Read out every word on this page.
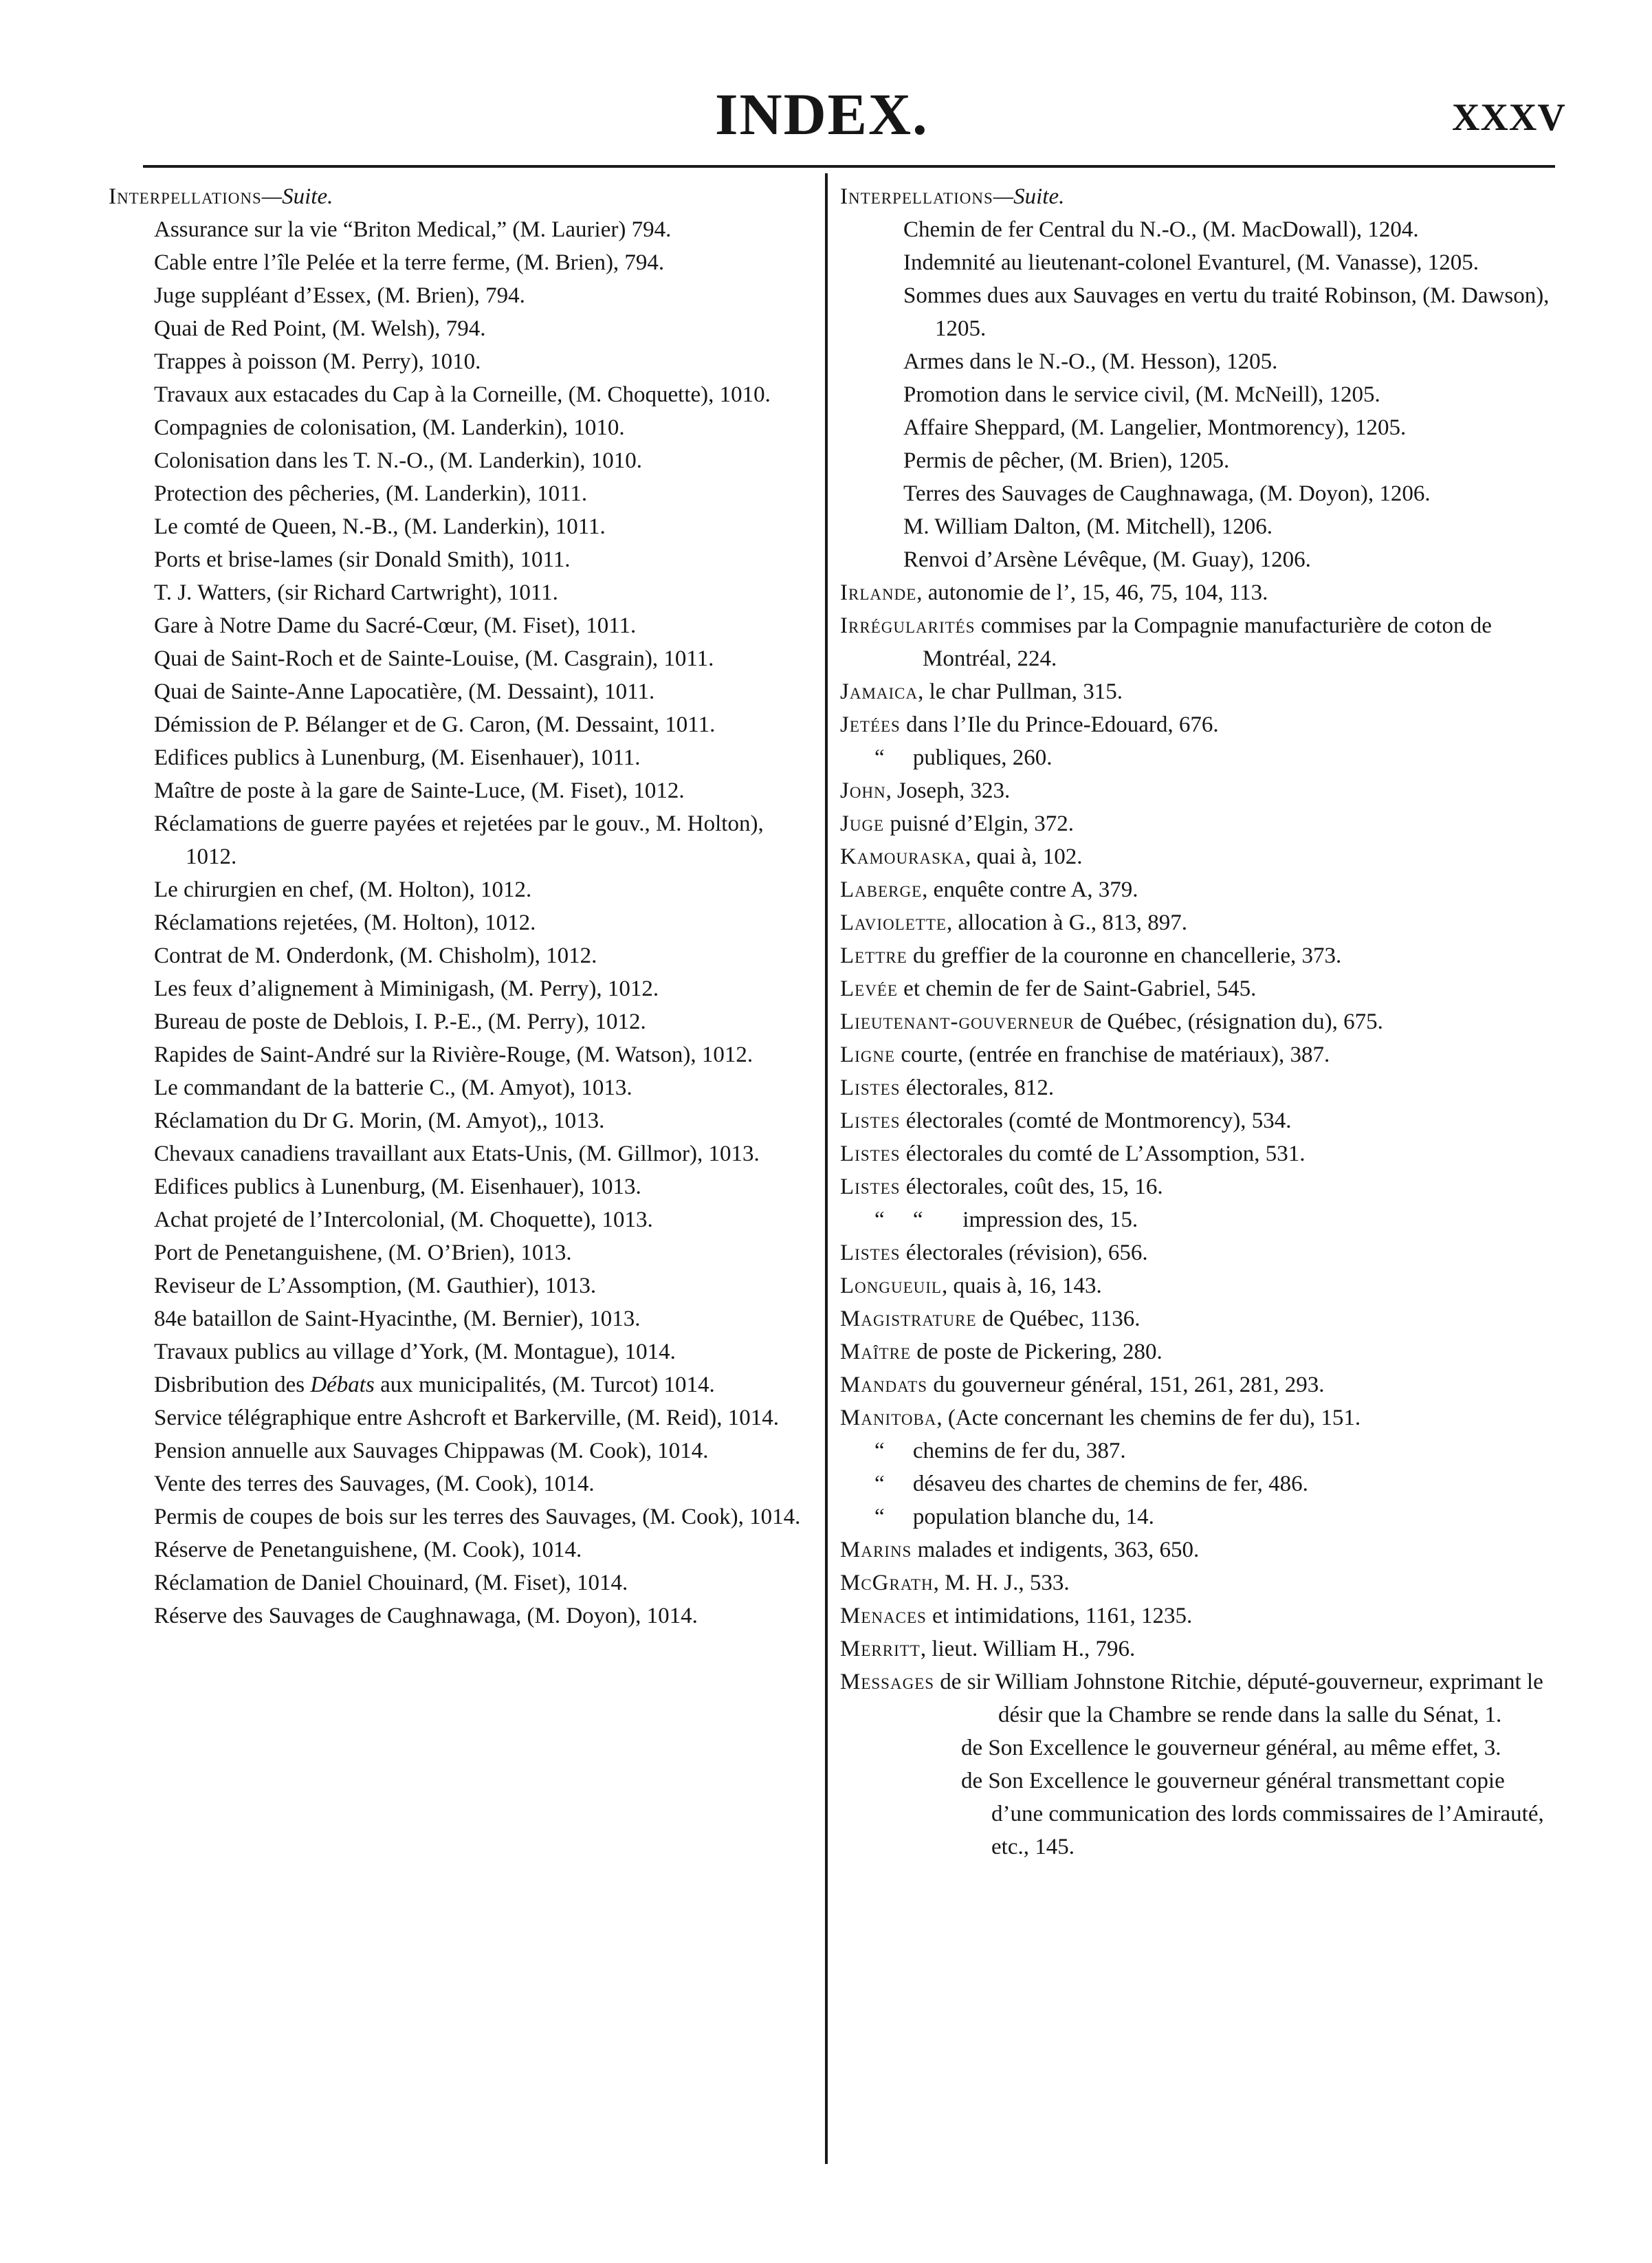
INDEX.	XXXV

Interpellations—Suite.

Assurance sur la vie “Briton Medical,” (M. Laurier) 794.

Cable entre l’île Pelée et la terre ferme, (M. Brien), 794.

Juge suppléant d’Essex, (M. Brien), 794.

Quai de Red Point, (M. Welsh), 794.

Trappes à poisson (M. Perry), 1010.

Travaux aux estacades du Cap à la Corneille, (M. Choquette), 1010.

Compagnies de colonisation, (M. Landerkin), 1010.

Colonisation dans les T. N.-O., (M. Landerkin), 1010.

Protection des pêcheries, (M. Landerkin), 1011.

Le comté de Queen, N.-B., (M. Landerkin), 1011.

Ports et brise-lames (sir Donald Smith), 1011.

T. J. Watters, (sir Richard Cartwright), 1011.

Gare à Notre Dame du Sacré-Cœur, (M. Fiset), 1011.

Quai de Saint-Roch et de Sainte-Louise, (M. Casgrain), 1011.

Quai de Sainte-Anne Lapocatière, (M. Dessaint), 1011.

Démission de P. Bélanger et de G. Caron, (M. Dessaint, 1011.

Edifices publics à Lunenburg, (M. Eisenhauer), 1011.

Maître de poste à la gare de Sainte-Luce, (M. Fiset), 1012.

Réclamations de guerre payées et rejetées par le gouv., M. Holton), 1012.

Le chirurgien en chef, (M. Holton), 1012.

Réclamations rejetées, (M. Holton), 1012.

Contrat de M. Onderdonk, (M. Chisholm), 1012.

Les feux d’alignement à Miminigash, (M. Perry), 1012.

Bureau de poste de Deblois, I. P.-E., (M. Perry), 1012.

Rapides de Saint-André sur la Rivière-Rouge, (M. Watson), 1012.

Le commandant de la batterie C., (M. Amyot), 1013.

Réclamation du Dr G. Morin, (M. Amyot),, 1013.

Chevaux canadiens travaillant aux Etats-Unis, (M. Gillmor), 1013.

Edifices publics à Lunenburg, (M. Eisenhauer), 1013.

Achat projeté de l’Intercolonial, (M. Choquette), 1013.

Port de Penetanguishene, (M. O’Brien), 1013.

Reviseur de L’Assomption, (M. Gauthier), 1013.

84e bataillon de Saint-Hyacinthe, (M. Bernier), 1013.

Travaux publics au village d’York, (M. Montague), 1014.

Disbribution des Débats aux municipalités, (M. Turcot) 1014.

Service télégraphique entre Ashcroft et Barkerville, (M. Reid), 1014.

Pension annuelle aux Sauvages Chippawas (M. Cook), 1014.

Vente des terres des Sauvages, (M. Cook), 1014.

Permis de coupes de bois sur les terres des Sauvages, (M. Cook), 1014.

Réserve de Penetanguishene, (M. Cook), 1014.

Réclamation de Daniel Chouinard, (M. Fiset), 1014.

Réserve des Sauvages de Caughnawaga, (M. Doyon), 1014.

Interpellations—Suite.

Chemin de fer Central du N.-O., (M. MacDowall), 1204.

Indemnité au lieutenant-colonel Evanturel, (M. Vanasse), 1205.

Sommes dues aux Sauvages en vertu du traité Robinson, (M. Dawson), 1205.

Armes dans le N.-O., (M. Hesson), 1205.

Promotion dans le service civil, (M. McNeill), 1205.

Affaire Sheppard, (M. Langelier, Montmorency), 1205.

Permis de pêcher, (M. Brien), 1205.

Terres des Sauvages de Caughnawaga, (M. Doyon), 1206.

M. William Dalton, (M. Mitchell), 1206.

Renvoi d’Arsène Lévêque, (M. Guay), 1206.

Irlande, autonomie de l’, 15, 46, 75, 104, 113.

Irrégularités commises par la Compagnie manufacturière de coton de Montréal, 224.

Jamaica, le char Pullman, 315.

Jetées dans l’Ile du Prince-Edouard, 676.

“     publiques, 260.

John, Joseph, 323.

Juge puisné d’Elgin, 372.

Kamouraska, quai à, 102.

Laberge, enquête contre A, 379.

Laviolette, allocation à G., 813, 897.

Lettre du greffier de la couronne en chancellerie, 373.

Levée et chemin de fer de Saint-Gabriel, 545.

Lieutenant-gouverneur de Québec, (résignation du), 675.

Ligne courte, (entrée en franchise de matériaux), 387.

Listes électorales, 812.

Listes électorales (comté de Montmorency), 534.

Listes électorales du comté de L’Assomption, 531.

Listes électorales, coût des, 15, 16.

“     “       impression des, 15.

Listes électorales (révision), 656.

Longueuil, quais à, 16, 143.

Magistrature de Québec, 1136.

Maître de poste de Pickering, 280.

Mandats du gouverneur général, 151, 261, 281, 293.

Manitoba, (Acte concernant les chemins de fer du), 151.

“     chemins de fer du, 387.

“     désaveu des chartes de chemins de fer, 486.

“     population blanche du, 14.

Marins malades et indigents, 363, 650.

McGrath, M. H. J., 533.

Menaces et intimidations, 1161, 1235.

Merritt, lieut. William H., 796.

Messages de sir William Johnstone Ritchie, député-gouverneur, exprimant le désir que la Chambre se rende dans la salle du Sénat, 1.

de Son Excellence le gouverneur général, au même effet, 3.

de Son Excellence le gouverneur général transmettant copie d’une communication des lords commissaires de l’Amirauté, etc., 145.
